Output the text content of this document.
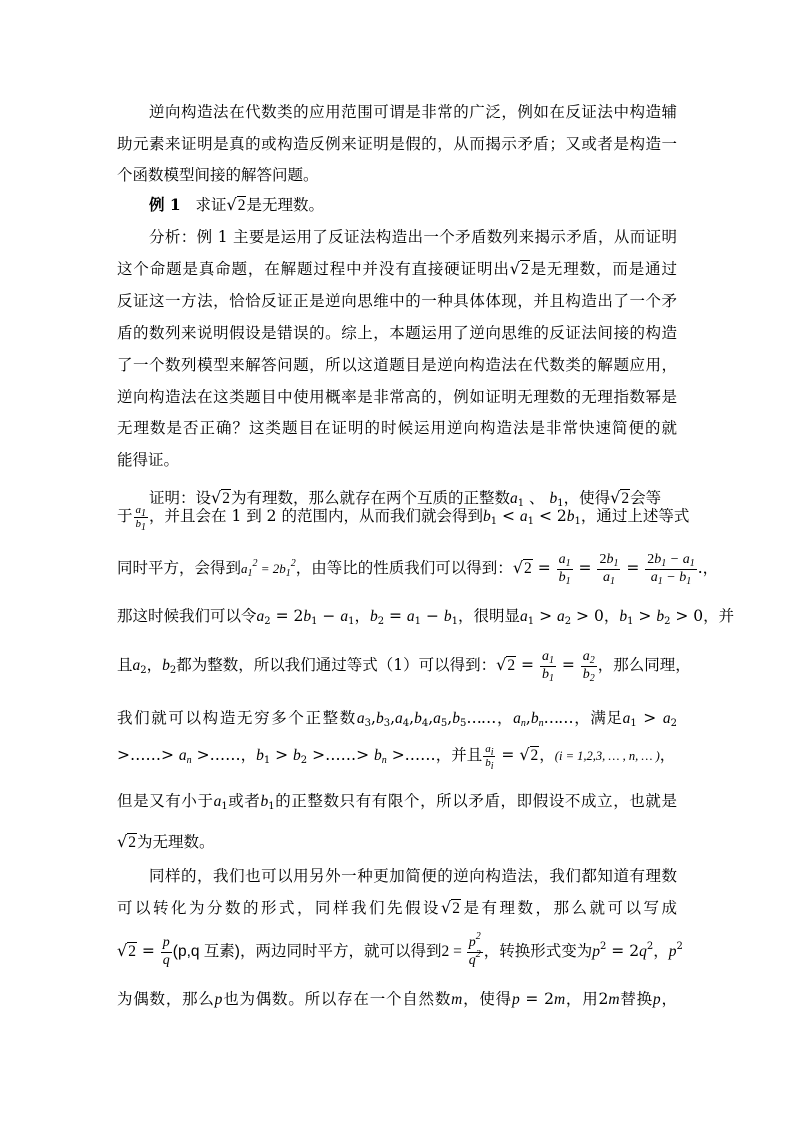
逆向构造法在代数类的应用范围可谓是非常的广泛，例如在反证法中构造辅
助元素来证明是真的或构造反例来证明是假的，从而揭示矛盾；又或者是构造一
个函数模型间接的解答问题。
例 1 求证√2是无理数。
分析：例 1 主要是运用了反证法构造出一个矛盾数列来揭示矛盾，从而证明
这个命题是真命题，在解题过程中并没有直接硬证明出√2是无理数，而是通过
反证这一方法，恰恰反证正是逆向思维中的一种具体体现，并且构造出了一个矛
盾的数列来说明假设是错误的。综上，本题运用了逆向思维的反证法间接的构造
了一个数列模型来解答问题，所以这道题目是逆向构造法在代数类的解题应用，
逆向构造法在这类题目中使用概率是非常高的，例如证明无理数的无理指数幂是
无理数是否正确？这类题目在证明的时候运用逆向构造法是非常快速简便的就
能得证。
证明：设√2为有理数，那么就存在两个互质的正整数$a_1$ 、 $b_1$，使得√2会等
于 $\frac{a_1}{b_1}$ ，并且会在 1 到 2 的范围内，从而我们就会得到$b_1 < a_1 < 2b_1$，通过上述等式
同时平方，会得到$a_1^2 = 2b_1^2$，由等比的性质我们可以得到：$√2 = \frac{a_1}{b_1} = \frac{2b_1}{a_1} = \frac{2b_1 - a_1}{a_1 - b_1}$ .，
那这时候我们可以令$a_2 = 2b_1 - a_1$，$b_2 = a_1 - b_1$，很明显$a_1 > a_2 > 0$，$b_1 > b_2 > 0$，并
且$a_2$，$b_2$都为整数，所以我们通过等式（1）可以得到：$√2 = \frac{a_1}{b_1} = \frac{a_2}{b_2}$ ，那么同理，
我们就可以构造无穷多个正整数$a_3,b_3,a_4,b_4,a_5,b_5\dots\dots$，$a_n,b_n\dots\dots$，满足$a_1 > a_2$
>……> $a_n$ >……，$b_1 > b_2$ >……> $b_n$ >……，并且 $\frac{a_i}{b_i} = √2$，(i = 1,2,3, … , n, … )，
但是又有小于$a_1$或者$b_1$的正整数只有有限个，所以矛盾，即假设不成立，也就是
√2为无理数。
同样的，我们也可以用另外一种更加简便的逆向构造法，我们都知道有理数
可以转化为分数的形式，同样我们先假设√2是有理数，那么就可以写成
$√2 = \frac{p}{q} (p,q$ 互素)，两边同时平方，就可以得到$2 = \frac{p^2}{q^2}$ ，转换形式变为$p^2 = 2q^2$，$p^2$
为偶数，那么p也为偶数。所以存在一个自然数m，使得p = 2m，用2m替换p，
